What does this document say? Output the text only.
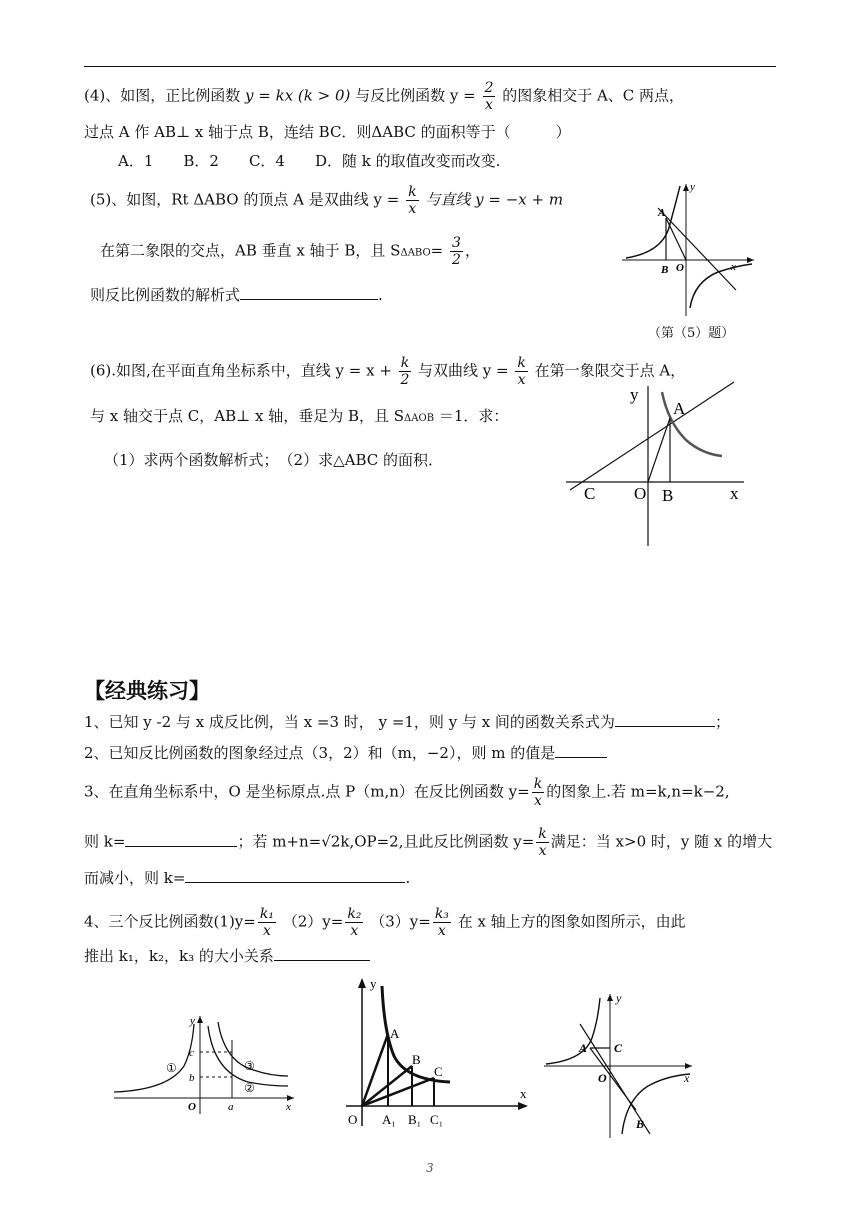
(4)、如图，正比例函数 y = kx (k > 0) 与反比例函数 $y = \frac{2}{x}$ 的图象相交于 A、C 两点，
过点 A 作 AB⊥ x 轴于点 B，连结 BC．则ΔABC 的面积等于（　　　）
A．1　　B．2　　C．4　　D．随 k 的取值改变而改变.
(5)、如图，Rt ΔABO 的顶点 A 是双曲线 $y = \frac{k}{x}$ 与直线 y = −x + m
在第二象限的交点，AB 垂直 x 轴于 B，且 $S\Delta ABO= \frac{3}{2}$ ，
则反比例函数的解析式	.
A
B O	x
y
（第（5）题）
(6).如图,在平面直角坐标系中，直线 $y = x + \frac{k}{2}$ 与双曲线 $y = \frac{k}{x}$ 在第一象限交于点 A，
与 x 轴交于点 C，AB⊥ x 轴，垂足为 B，且 SΔAOB ＝1．求：
（1）求两个函数解析式；　（2）求△ABC 的面积．
A
B
C O	x
y
【经典练习】
1、已知 y -2 与 x 成反比例，当 x =3 时， y =1，则 y 与 x 间的函数关系式为	；
2、已知反比例函数的图象经过点（3，2）和（m，−2），则 m 的值是
3、在直角坐标系中，O 是坐标原点.点 P（m,n）在反比例函数 $y= \frac{k}{x}$ 的图象上.若 m=k,n=k−2,
则 k=	；若 m+n=√2k,OP=2,且此反比例函数 $y= \frac{k}{x}$ 满足：当 x>0 时，y 随 x 的增大
而减小，则 k=	.
4、三个反比例函数$(1)y= \frac{\text{k₁}}{x} (2)y= \frac{\text{k₂}}{x} (3)y= \frac{\text{k₃}}{x}$ 在 x 轴上方的图象如图所示，由此
推出 k₁，k₂，k₃ 的大小关系
c
b
a
O	x
y
①	③
②
A
B
C
A₁ B₁ C₁
O
x
y
A C
B
O	x
y
3
